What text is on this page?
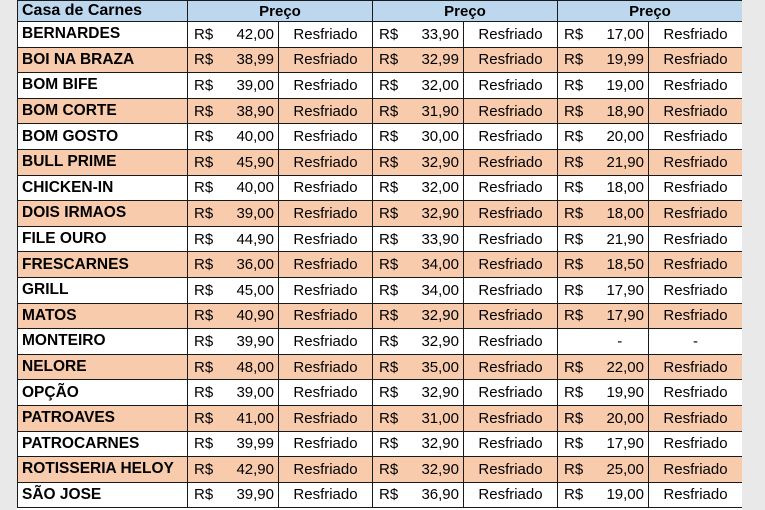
Casa de Carnes	Preço			Preço			Preço		
BERNARDES	R$	42,00	Resfriado	R$	33,90	Resfriado	R$	17,00	Resfriado
BOI NA BRAZA	R$	38,99	Resfriado	R$	32,99	Resfriado	R$	19,99	Resfriado
BOM BIFE	R$	39,00	Resfriado	R$	32,00	Resfriado	R$	19,00	Resfriado
BOM CORTE	R$	38,90	Resfriado	R$	31,90	Resfriado	R$	18,90	Resfriado
BOM GOSTO	R$	40,00	Resfriado	R$	30,00	Resfriado	R$	20,00	Resfriado
BULL PRIME	R$	45,90	Resfriado	R$	32,90	Resfriado	R$	21,90	Resfriado
CHICKEN-IN	R$	40,00	Resfriado	R$	32,00	Resfriado	R$	18,00	Resfriado
DOIS IRMAOS	R$	39,00	Resfriado	R$	32,90	Resfriado	R$	18,00	Resfriado
FILE OURO	R$	44,90	Resfriado	R$	33,90	Resfriado	R$	21,90	Resfriado
FRESCARNES	R$	36,00	Resfriado	R$	34,00	Resfriado	R$	18,50	Resfriado
GRILL	R$	45,00	Resfriado	R$	34,00	Resfriado	R$	17,90	Resfriado
MATOS	R$	40,90	Resfriado	R$	32,90	Resfriado	R$	17,90	Resfriado
MONTEIRO	R$	39,90	Resfriado	R$	32,90	Resfriado		-	-
NELORE	R$	48,00	Resfriado	R$	35,00	Resfriado	R$	22,00	Resfriado
OPÇÃO	R$	39,00	Resfriado	R$	32,90	Resfriado	R$	19,90	Resfriado
PATROAVES	R$	41,00	Resfriado	R$	31,00	Resfriado	R$	20,00	Resfriado
PATROCARNES	R$	39,99	Resfriado	R$	32,90	Resfriado	R$	17,90	Resfriado
ROTISSERIA HELOY	R$	42,90	Resfriado	R$	32,90	Resfriado	R$	25,00	Resfriado
SÃO JOSE	R$	39,90	Resfriado	R$	36,90	Resfriado	R$	19,00	Resfriado
